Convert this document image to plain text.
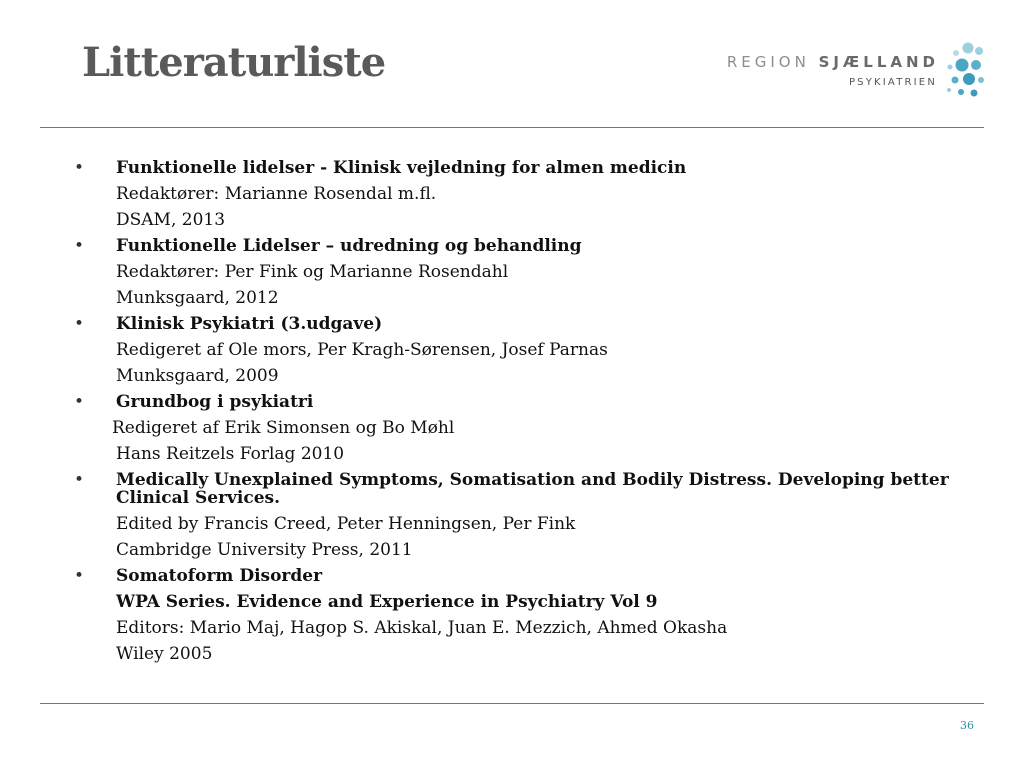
Litteraturliste	REGION SJÆLLAND
PSYKIATRIEN
• Funktionelle lidelser - Klinisk vejledning for almen medicin
Redaktører: Marianne Rosendal m.fl.
DSAM, 2013
• Funktionelle Lidelser – udredning og behandling
Redaktører: Per Fink og Marianne Rosendahl
Munksgaard, 2012
• Klinisk Psykiatri (3.udgave)
Redigeret af Ole mors, Per Kragh-Sørensen, Josef Parnas
Munksgaard, 2009
• Grundbog i psykiatri
Redigeret af Erik Simonsen og Bo Møhl
Hans Reitzels Forlag 2010
• Medically Unexplained Symptoms, Somatisation and Bodily Distress. Developing better Clinical Services.
Edited by Francis Creed, Peter Henningsen, Per Fink
Cambridge University Press, 2011
• Somatoform Disorder
WPA Series. Evidence and Experience in Psychiatry Vol 9
Editors: Mario Maj, Hagop S. Akiskal, Juan E. Mezzich, Ahmed Okasha
Wiley 2005
36
